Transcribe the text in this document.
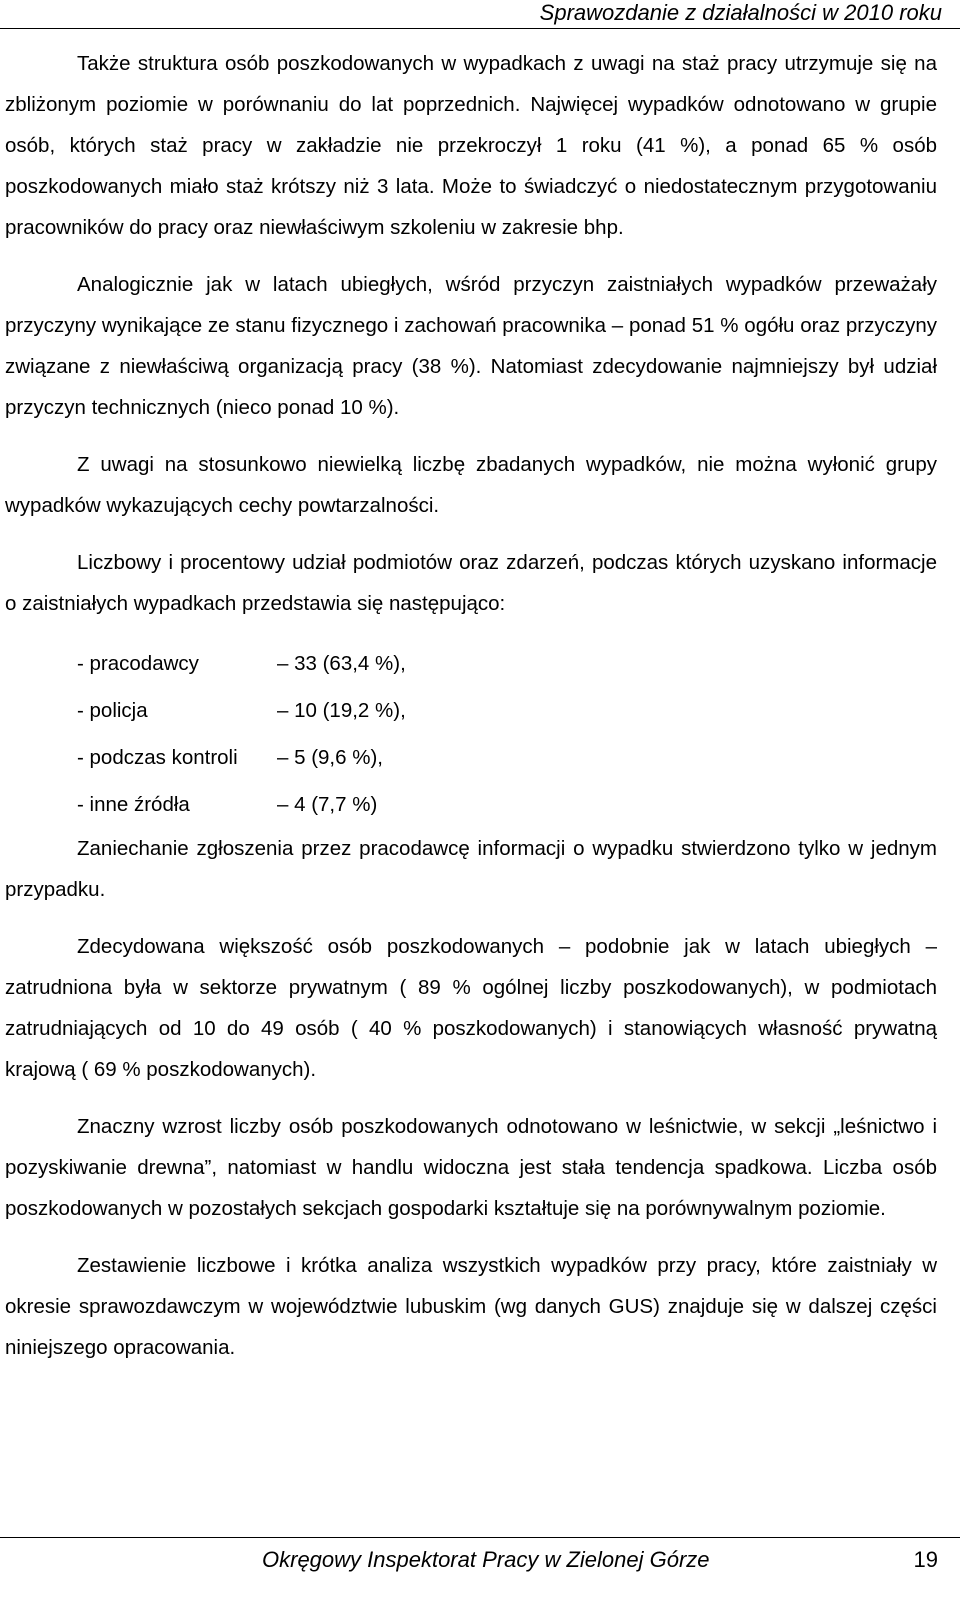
Sprawozdanie z działalności w 2010 roku

Także struktura osób poszkodowanych w wypadkach z uwagi na staż pracy utrzymuje się na zbliżonym poziomie w porównaniu do lat poprzednich. Najwięcej wypadków odnotowano w grupie osób, których staż pracy w zakładzie nie przekroczył 1 roku (41 %), a ponad 65 % osób poszkodowanych miało staż krótszy niż 3 lata. Może to świadczyć o niedostatecznym przygotowaniu pracowników do pracy oraz niewłaściwym szkoleniu w zakresie bhp.

Analogicznie jak w latach ubiegłych, wśród przyczyn zaistniałych wypadków przeważały przyczyny wynikające ze stanu fizycznego i zachowań pracownika – ponad 51 % ogółu oraz przyczyny związane z niewłaściwą organizacją pracy (38 %). Natomiast zdecydowanie najmniejszy był udział przyczyn technicznych (nieco ponad 10 %).

Z uwagi na stosunkowo niewielką liczbę zbadanych wypadków, nie można wyłonić grupy wypadków wykazujących cechy powtarzalności.

Liczbowy i procentowy udział podmiotów oraz zdarzeń, podczas których uzyskano informacje o zaistniałych wypadkach przedstawia się następująco:

- pracodawcy	– 33 (63,4 %),
- policja	– 10 (19,2 %),
- podczas kontroli	– 5 (9,6 %),
- inne źródła	– 4 (7,7 %)

Zaniechanie zgłoszenia przez pracodawcę informacji o wypadku stwierdzono tylko w jednym przypadku.

Zdecydowana większość osób poszkodowanych – podobnie jak w latach ubiegłych – zatrudniona była w sektorze prywatnym ( 89 % ogólnej liczby poszkodowanych), w podmiotach zatrudniających od 10 do 49 osób ( 40 % poszkodowanych) i stanowiących własność prywatną krajową ( 69 % poszkodowanych).

Znaczny wzrost liczby osób poszkodowanych odnotowano w leśnictwie, w sekcji „leśnictwo i pozyskiwanie drewna”, natomiast w handlu widoczna jest stała tendencja spadkowa. Liczba osób poszkodowanych w pozostałych sekcjach gospodarki kształtuje się na porównywalnym poziomie.

Zestawienie liczbowe i krótka analiza wszystkich wypadków przy pracy, które zaistniały w okresie sprawozdawczym w województwie lubuskim (wg danych GUS) znajduje się w dalszej części niniejszego opracowania.

Okręgowy Inspektorat Pracy w Zielonej Górze	19
